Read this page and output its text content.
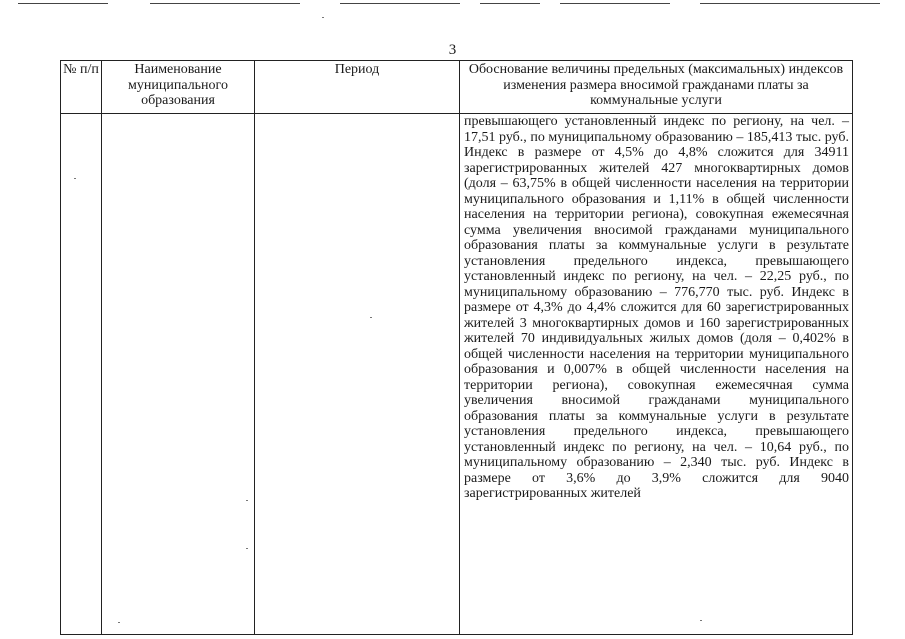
3
№ п/п	Наименование муниципального образования	Период	Обоснование величины предельных (максимальных) индексов изменения размера вносимой гражданами платы за коммунальные услуги
			превышающего установленный индекс по региону, на чел. – 17,51 руб., по муниципальному образованию – 185,413 тыс. руб. Индекс в размере от 4,5% до 4,8% сложится для 34911 зарегистрированных жителей 427 многоквартирных домов (доля – 63,75% в общей численности населения на территории муниципального образования и 1,11% в общей численности населения на территории региона), совокупная ежемесячная сумма увеличения вносимой гражданами муниципального образования платы за коммунальные услуги в результате установления предельного индекса, превышающего установленный индекс по региону, на чел. – 22,25 руб., по муниципальному образованию – 776,770 тыс. руб. Индекс в размере от 4,3% до 4,4% сложится для 60 зарегистрированных жителей 3 многоквартирных домов и 160 зарегистрированных жителей 70 индивидуальных жилых домов (доля – 0,402% в общей численности населения на территории муниципального образования и 0,007% в общей численности населения на территории региона), совокупная ежемесячная сумма увеличения вносимой гражданами муниципального образования платы за коммунальные услуги в результате установления предельного индекса, превышающего установленный индекс по региону, на чел. – 10,64 руб., по муниципальному образованию – 2,340 тыс. руб. Индекс в размере от 3,6% до 3,9% сложится для 9040 зарегистрированных жителей
